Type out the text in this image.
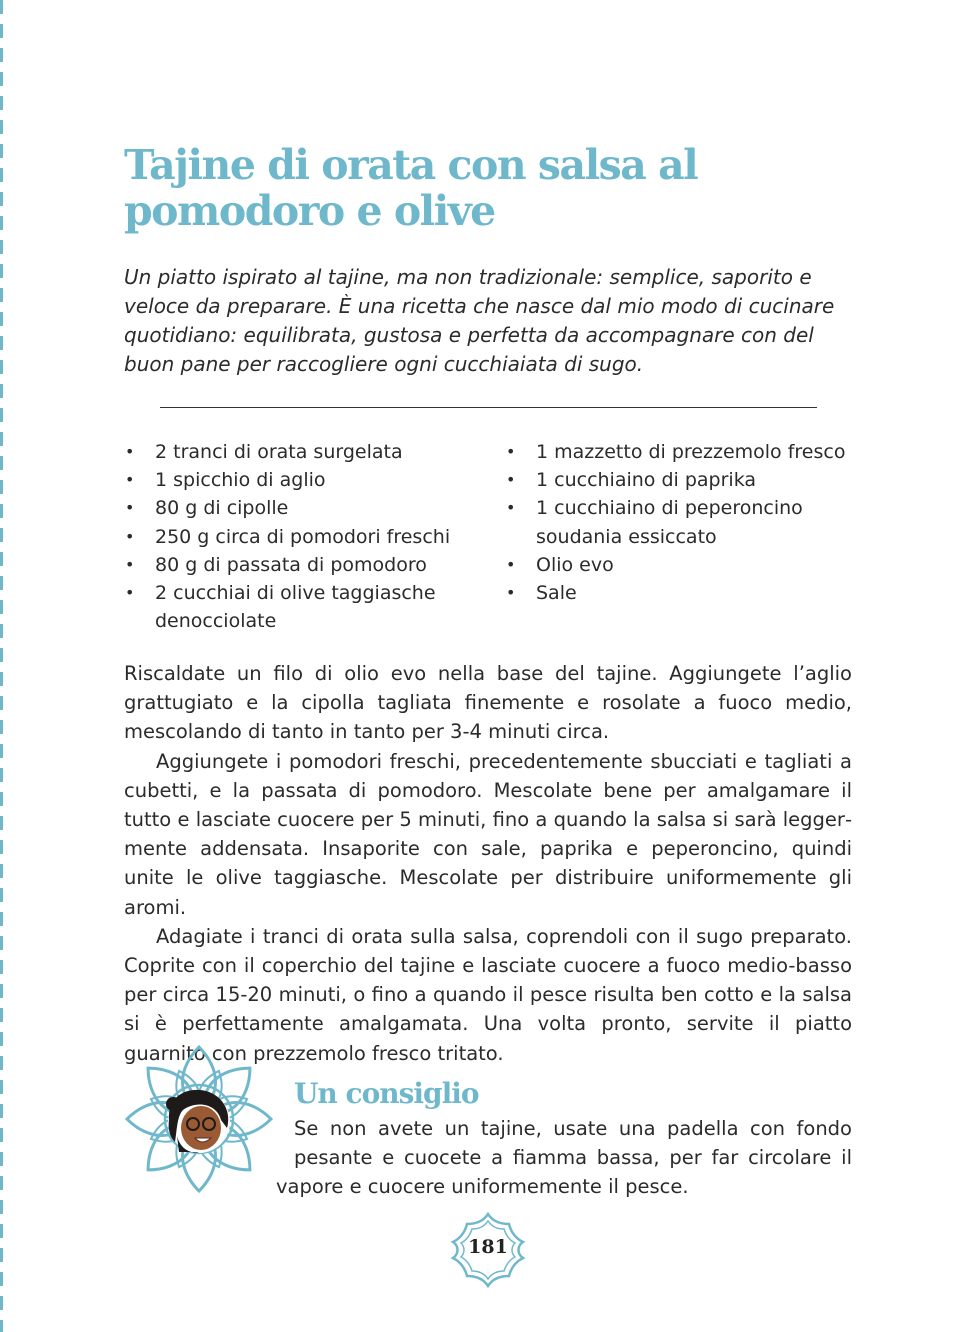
Tajine di orata con salsa al pomodoro e olive

Un piatto ispirato al tajine, ma non tradizionale: semplice, saporito e veloce da preparare. È una ricetta che nasce dal mio modo di cucinare quotidiano: equilibrata, gustosa e perfetta da accompagnare con del buon pane per raccogliere ogni cucchiaiata di sugo.

• 2 tranci di orata surgelata
• 1 spicchio di aglio
• 80 g di cipolle
• 250 g circa di pomodori freschi
• 80 g di passata di pomodoro
• 2 cucchiai di olive taggiasche denocciolate
• 1 mazzetto di prezzemolo fresco
• 1 cucchiaino di paprika
• 1 cucchiaino di peperoncino soudania essiccato
• Olio evo
• Sale

Riscaldate un filo di olio evo nella base del tajine. Aggiungete l’aglio grattugiato e la cipolla tagliata finemente e rosolate a fuoco medio, mescolando di tanto in tanto per 3-4 minuti circa.

Aggiungete i pomodori freschi, precedentemente sbucciati e tagliati a cubetti, e la passata di pomodoro. Mescolate bene per amalgamare il tutto e lasciate cuocere per 5 minuti, fino a quando la salsa si sarà leggermente addensata. Insaporite con sale, paprika e peperoncino, quindi unite le olive taggiasche. Mescolate per distribuire uniformemente gli aromi.

Adagiate i tranci di orata sulla salsa, coprendoli con il sugo preparato. Coprite con il coperchio del tajine e lasciate cuocere a fuoco medio-basso per circa 15-20 minuti, o fino a quando il pesce risulta ben cotto e la salsa si è perfettamente amalgamata. Una volta pronto, servite il piatto guarnito con prezzemolo fresco tritato.

Un consiglio

Se non avete un tajine, usate una padella con fondo
pesante e cuocete a fiamma bassa, per far circolare il
vapore e cuocere uniformemente il pesce.

181
